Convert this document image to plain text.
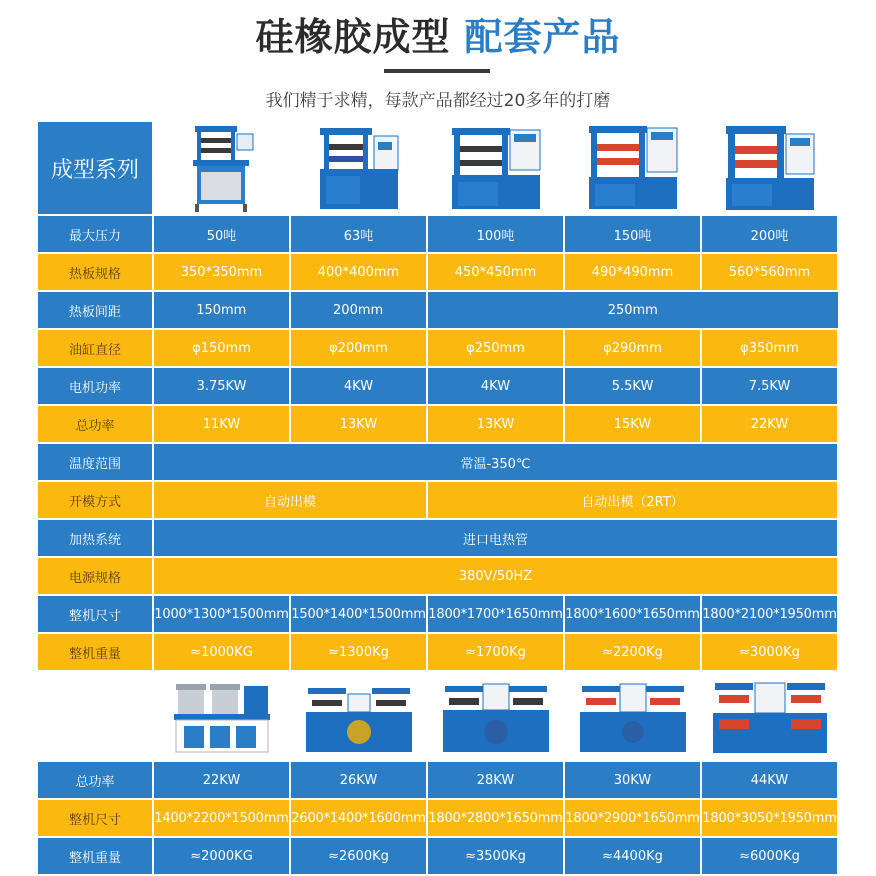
硅橡胶成型 配套产品
我们精于求精，每款产品都经过20多年的打磨
成型系列
最大压力	50吨	63吨	100吨	150吨	200吨
热板规格	350*350mm	400*400mm	450*450mm	490*490mm	560*560mm
热板间距	150mm	200mm	250mm
油缸直径	φ150mm	φ200mm	φ250mm	φ290mm	φ350mm
电机功率	3.75KW	4KW	4KW	5.5KW	7.5KW
总功率	11KW	13KW	13KW	15KW	22KW
温度范围	常温-350℃
开模方式	自动出模	自动出模（2RT）
加热系统	进口电热管
电源规格	380V/50HZ
整机尺寸	1000*1300*1500mm 1500*1400*1500mm 1800*1700*1650mm 1800*1600*1650mm 1800*2100*1950mm
整机重量	≈1000KG	≈1300Kg	≈1700Kg	≈2200Kg	≈3000Kg
总功率	22KW	26KW	28KW	30KW	44KW
整机尺寸	1400*2200*1500mm 2600*1400*1600mm 1800*2800*1650mm 1800*2900*1650mm 1800*3050*1950mm
整机重量	≈2000KG	≈2600Kg	≈3500Kg	≈4400Kg	≈6000Kg
